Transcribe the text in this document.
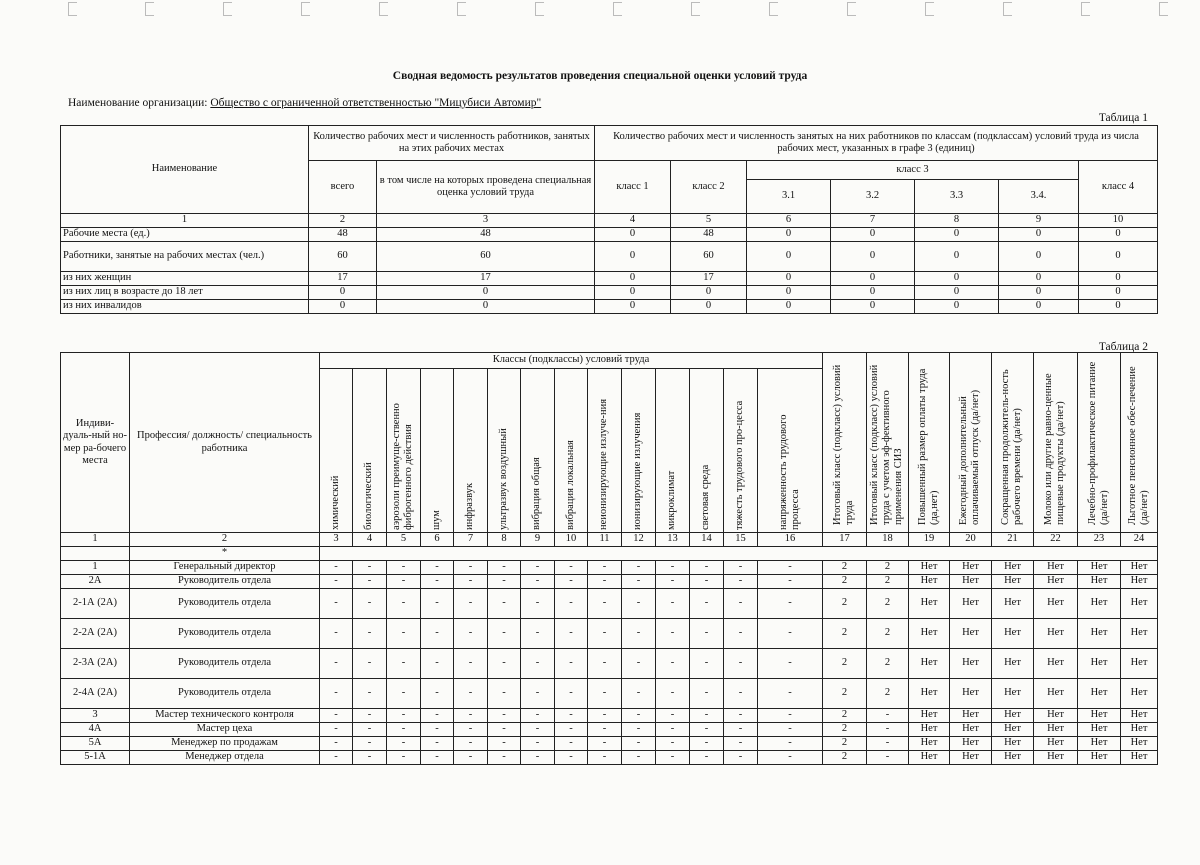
Сводная ведомость результатов проведения специальной оценки условий труда
Наименование организации: Общество с ограниченной ответственностью "Мицубиси Автомир"
Таблица 1
Наименование	Количество рабочих мест и численность работников, занятых на этих рабочих местах		Количество рабочих мест и численность занятых на них работников по классам (подклассам) условий труда из числа рабочих мест, указанных в графе 3 (единиц)						
	всего	в том числе на которых проведена специальная оценка условий труда	класс 1	класс 2	класс 3				класс 4
					3.1	3.2	3.3	3.4.	
1	2	3	4	5	6	7	8	9	10
Рабочие места (ед.)	48	48	0	48	0	0	0	0	0
Работники, занятые на рабочих местах (чел.)	60	60	0	60	0	0	0	0	0
из них женщин	17	17	0	17	0	0	0	0	0
из них лиц в возрасте до 18 лет	0	0	0	0	0	0	0	0	0
из них инвалидов	0	0	0	0	0	0	0	0	0
Таблица 2
Индиви-дуаль-ный но-мер ра-бочего места	Профессия/ должность/ специальность работника	Классы (подклассы) условий труда														Итоговый класс (подкласс) условий труда	Итоговый класс (подкласс) условий труда с учетом эф-фективного применения СИЗ	Повышенный размер оплаты труда (да,нет)	Ежегодный дополнительный оплачиваемый отпуск (да/нет)	Сокращенная продолжитель-ность рабочего времени (да/нет)	Молоко или другие равно-ценные пищевые продукты (да/нет)	Лечебно-профилактическое питание (да/нет)	Льготное пенсионное обес-печение (да/нет)

		химический	биологический	аэрозоли преимуще-ственно фиброгенного действия	шум	инфразвук	ультразвук воздушный	вибрация общая	вибрация локальная	неионизирующие излуче-ния	ионизирующие излучения	микроклимат	световая среда	тяжесть трудового про-цесса	напряженность трудового процесса								

1	2	3	4	5	6	7	8	9	10	11	12	13	14	15	16	17	18	19	20	21	22	23	24
	*																						
1	Генеральный директор	-	-	-	-	-	-	-	-	-	-	-	-	-	-	2	2	Нет	Нет	Нет	Нет	Нет	Нет
2А	Руководитель отдела	-	-	-	-	-	-	-	-	-	-	-	-	-	-	2	2	Нет	Нет	Нет	Нет	Нет	Нет
2-1А (2А)	Руководитель отдела	-	-	-	-	-	-	-	-	-	-	-	-	-	-	2	2	Нет	Нет	Нет	Нет	Нет	Нет
2-2А (2А)	Руководитель отдела	-	-	-	-	-	-	-	-	-	-	-	-	-	-	2	2	Нет	Нет	Нет	Нет	Нет	Нет
2-3А (2А)	Руководитель отдела	-	-	-	-	-	-	-	-	-	-	-	-	-	-	2	2	Нет	Нет	Нет	Нет	Нет	Нет
2-4А (2А)	Руководитель отдела	-	-	-	-	-	-	-	-	-	-	-	-	-	-	2	2	Нет	Нет	Нет	Нет	Нет	Нет
3	Мастер технического контроля	-	-	-	-	-	-	-	-	-	-	-	-	-	-	2	-	Нет	Нет	Нет	Нет	Нет	Нет
4А	Мастер цеха	-	-	-	-	-	-	-	-	-	-	-	-	-	-	2	-	Нет	Нет	Нет	Нет	Нет	Нет
5А	Менеджер по продажам	-	-	-	-	-	-	-	-	-	-	-	-	-	-	2	-	Нет	Нет	Нет	Нет	Нет	Нет
5-1А	Менеджер отдела	-	-	-	-	-	-	-	-	-	-	-	-	-	-	2	-	Нет	Нет	Нет	Нет	Нет	Нет
